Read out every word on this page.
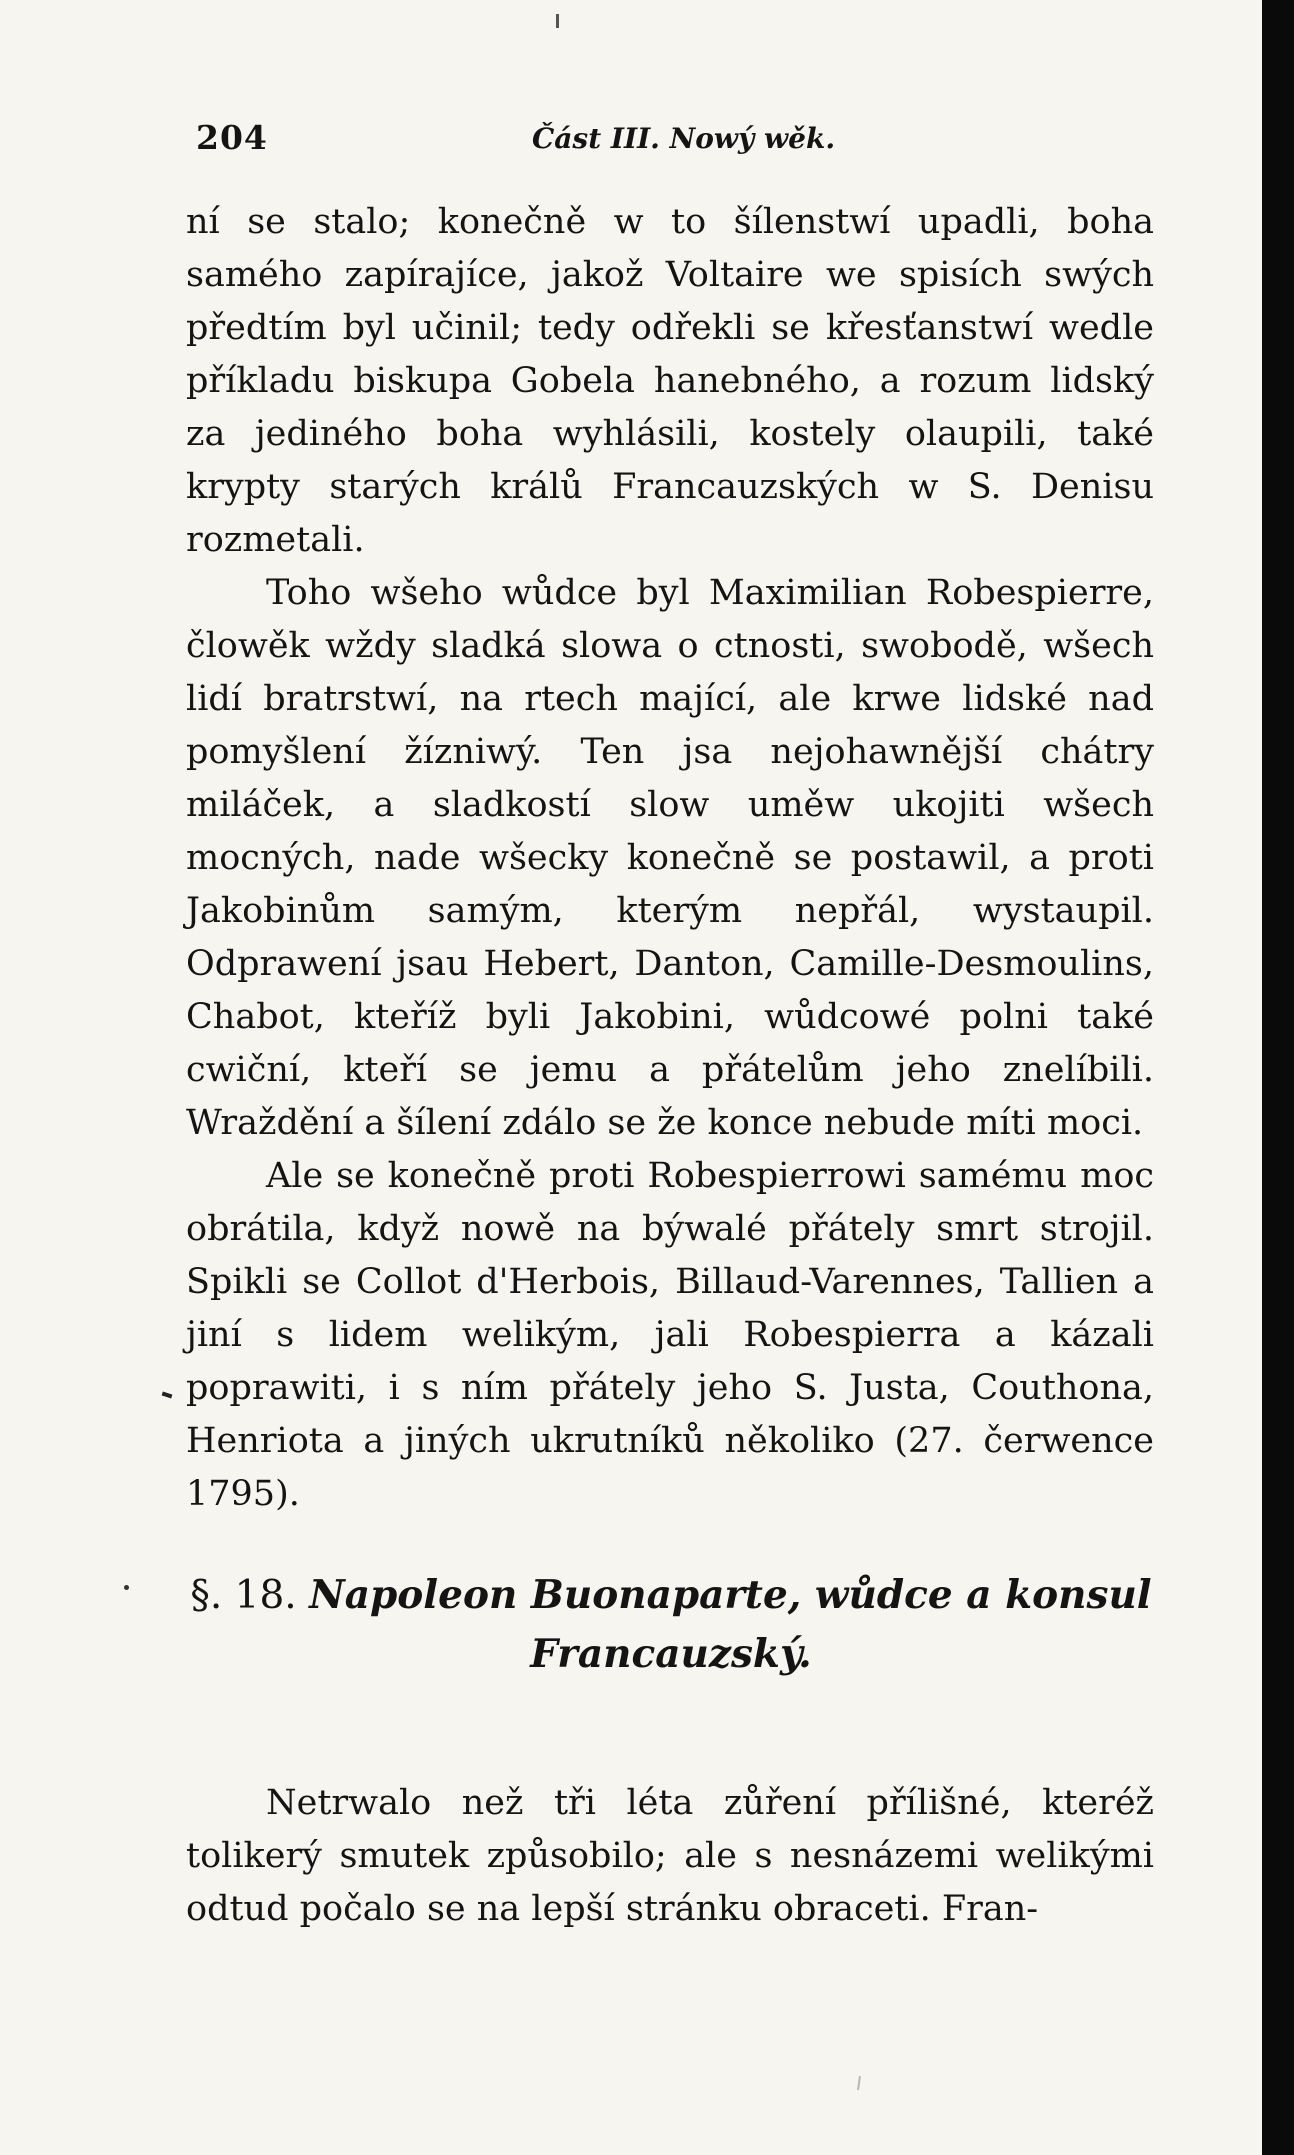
204	Část III. Nowý wěk.

ní se stalo; konečně w to šílenstwí upadli, boha samého zapírajíce, jakož Voltaire we spisích swých předtím byl učinil; tedy odřekli se křesťanstwí wedle příkladu biskupa Gobela hanebného, a rozum lidský za jediného boha wyhlásili, kostely olaupili, také krypty starých králů Francauzských w S. Denisu rozmetali.

Toho wšeho wůdce byl Maximilian Robespierre, člowěk wždy sladká slowa o ctnosti, swobodě, wšech lidí bratrstwí, na rtech mající, ale krwe lidské nad pomyšlení žízniwý. Ten jsa nejohawnější chátry miláček, a sladkostí slow uměw ukojiti wšech mocných, nade wšecky konečně se postawil, a proti Jakobinům samým, kterým nepřál, wystaupil. Odprawení jsau Hebert, Danton, Camille-Desmoulins, Chabot, kteříž byli Jakobini, wůdcowé polni také cwiční, kteří se jemu a přátelům jeho znelíbili. Wraždění a šílení zdálo se že konce nebude míti moci.

Ale se konečně proti Robespierrowi samému moc obrátila, když nowě na býwalé přátely smrt strojil. Spikli se Collot d'Herbois, Billaud-Varennes, Tallien a jiní s lidem welikým, jali Robespierra a kázali poprawiti, i s ním přátely jeho S. Justa, Couthona, Henriota a jiných ukrutníků několiko (27. čerwence 1795).

§. 18. Napoleon Buonaparte, wůdce a konsul Francauzský.

Netrwalo než tři léta zůření přílišné, kteréž tolikerý smutek způsobilo; ale s nesnázemi welikými odtud počalo se na lepší stránku obraceti. Fran-
